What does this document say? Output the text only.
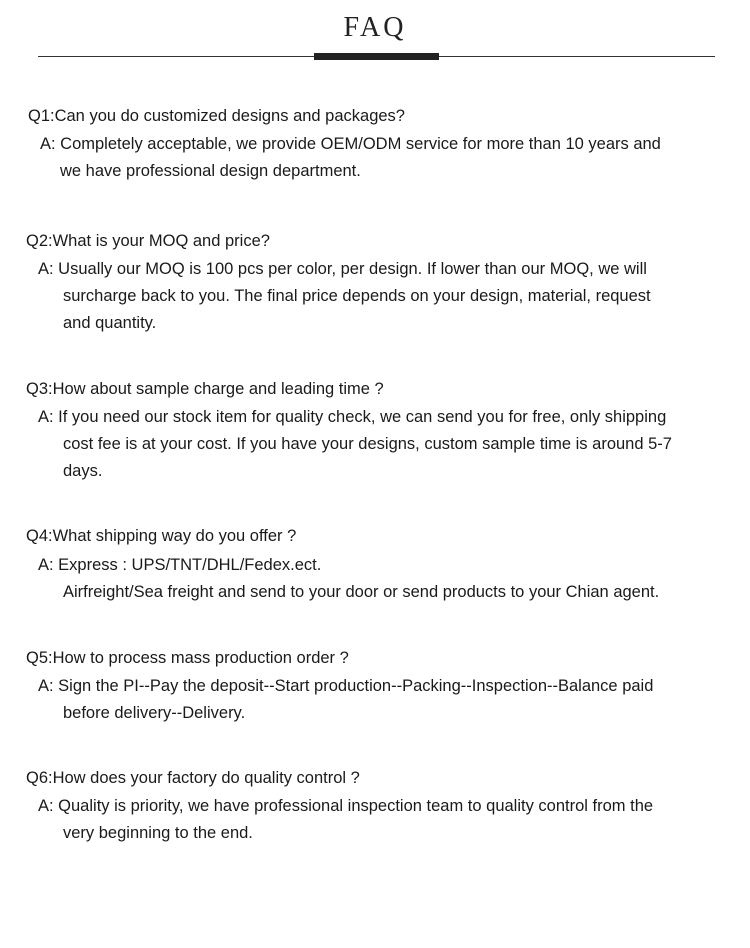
FAQ
Q1:Can you do customized designs and packages?
A: Completely acceptable, we provide OEM/ODM service for more than 10 years and
we have professional design department.
Q2:What is your MOQ and price?
A: Usually our MOQ is 100 pcs per color, per design. If lower than our MOQ, we will
surcharge back to you. The final price depends on your design, material, request
and quantity.
Q3:How about sample charge and leading time ?
A: If you need our stock item for quality check, we can send you for free, only shipping
cost fee is at your cost. If you have your designs, custom sample time is around 5-7
days.
Q4:What shipping way do you offer ?
A: Express : UPS/TNT/DHL/Fedex.ect.
Airfreight/Sea freight and send to your door or send products to your Chian agent.
Q5:How to process mass production order ?
A: Sign the PI--Pay the deposit--Start production--Packing--Inspection--Balance paid
before delivery--Delivery.
Q6:How does your factory do quality control ?
A: Quality is priority, we have professional inspection team to quality control from the
very beginning to the end.
